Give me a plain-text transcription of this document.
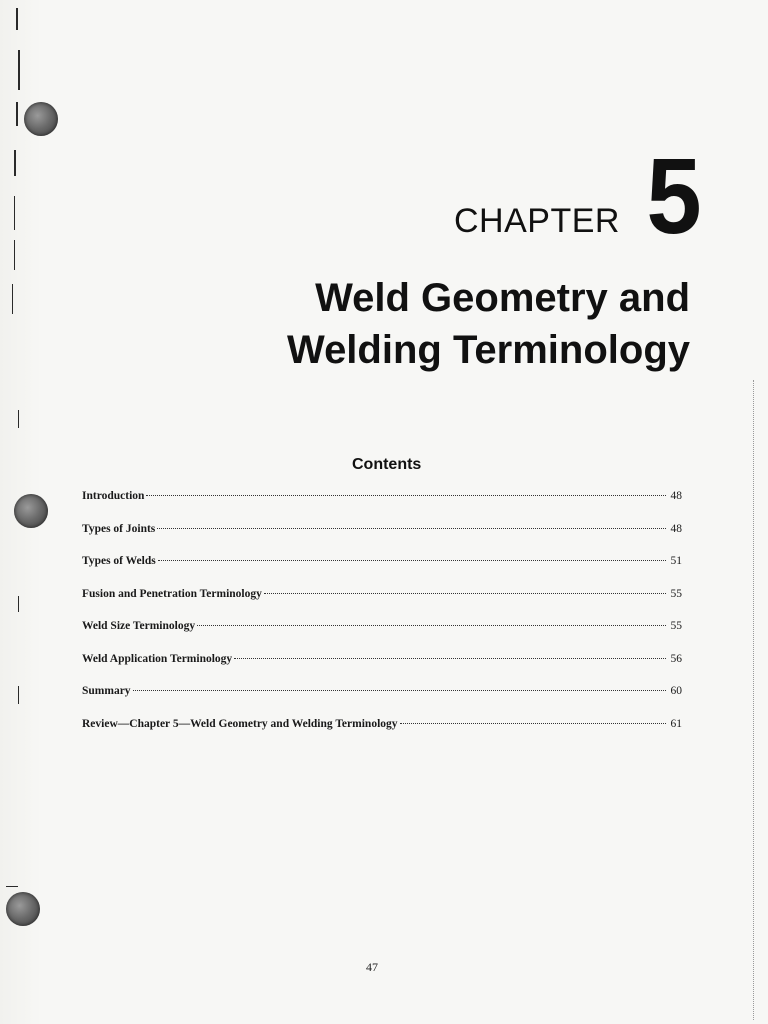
CHAPTER 5
Weld Geometry and
Welding Terminology
Contents
Introduction	48
Types of Joints	48
Types of Welds	51
Fusion and Penetration Terminology	55
Weld Size Terminology	55
Weld Application Terminology	56
Summary	60
Review—Chapter 5—Weld Geometry and Welding Terminology	61
47
